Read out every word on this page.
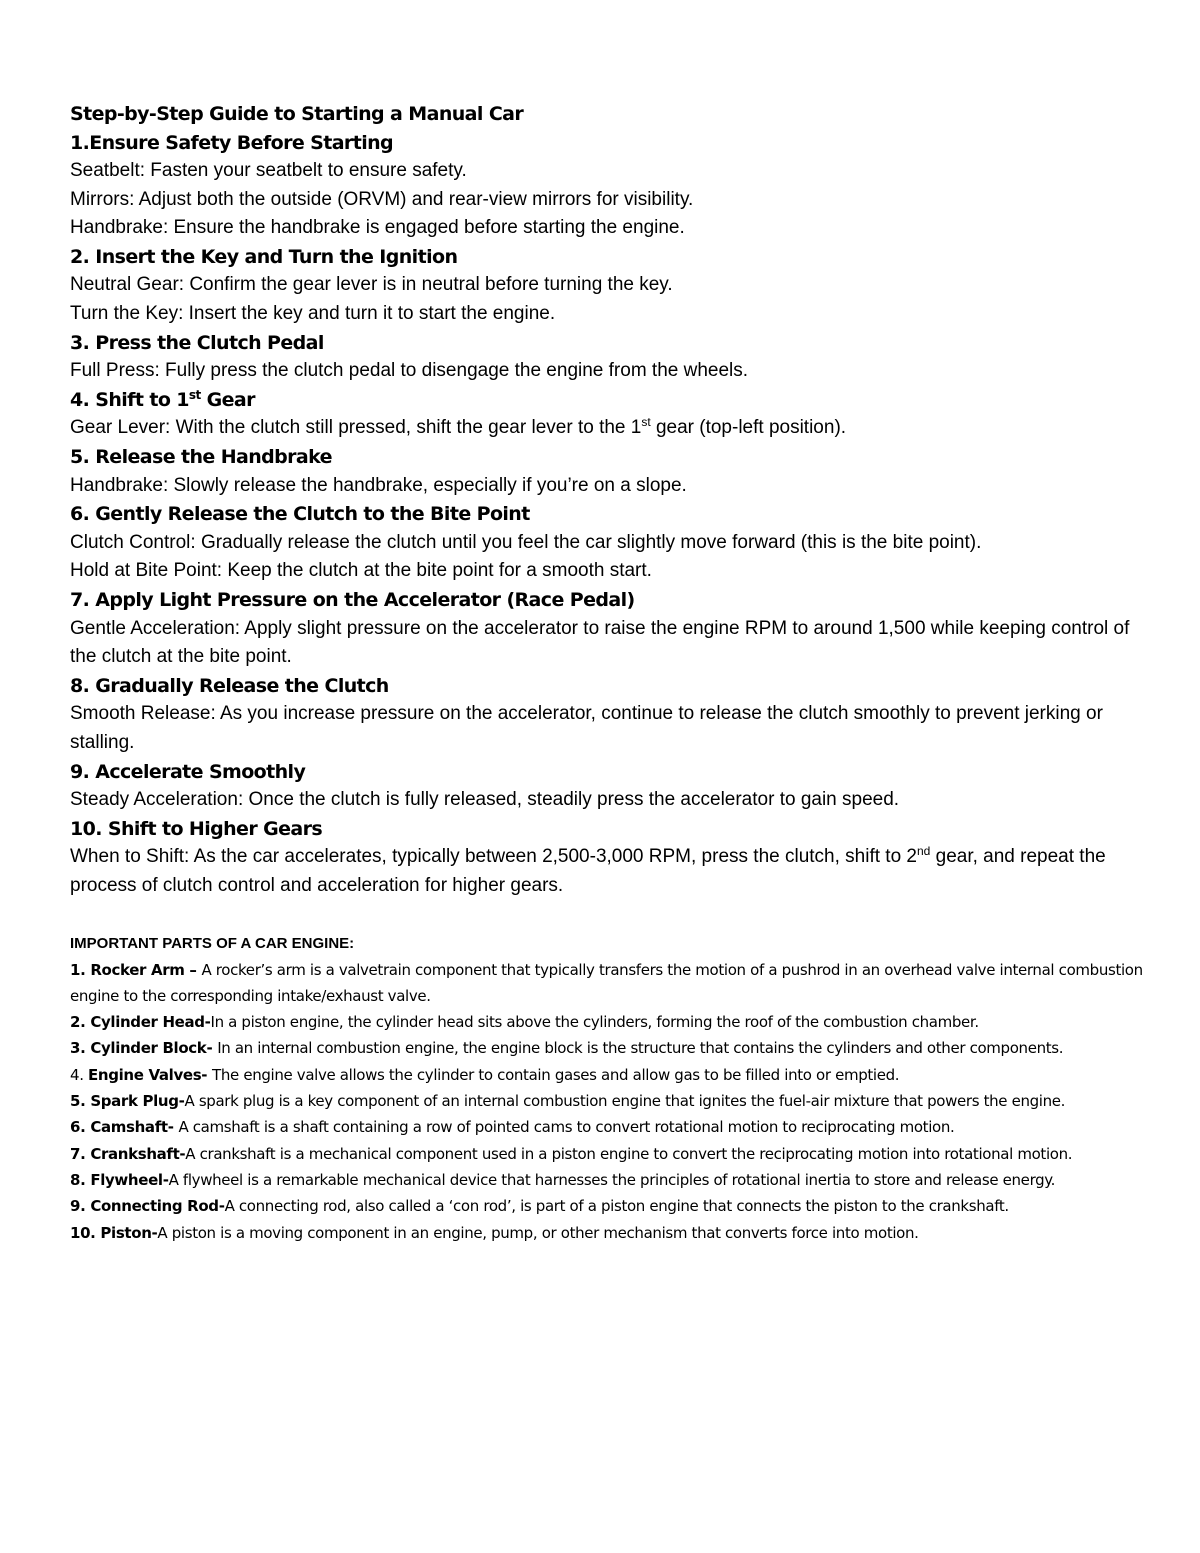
Step-by-Step Guide to Starting a Manual Car
1.Ensure Safety Before Starting

Seatbelt: Fasten your seatbelt to ensure safety.

Mirrors: Adjust both the outside (ORVM) and rear-view mirrors for visibility.

Handbrake: Ensure the handbrake is engaged before starting the engine.

2. Insert the Key and Turn the Ignition

Neutral Gear: Confirm the gear lever is in neutral before turning the key.

Turn the Key: Insert the key and turn it to start the engine.

3. Press the Clutch Pedal

Full Press: Fully press the clutch pedal to disengage the engine from the wheels.

4. Shift to 1st Gear

Gear Lever: With the clutch still pressed, shift the gear lever to the 1st gear (top-left position).

5. Release the Handbrake

Handbrake: Slowly release the handbrake, especially if you’re on a slope.

6. Gently Release the Clutch to the Bite Point

Clutch Control: Gradually release the clutch until you feel the car slightly move forward (this is the bite point).

Hold at Bite Point: Keep the clutch at the bite point for a smooth start.

7. Apply Light Pressure on the Accelerator (Race Pedal)

Gentle Acceleration: Apply slight pressure on the accelerator to raise the engine RPM to around 1,500 while keeping control of the clutch at the bite point.

8. Gradually Release the Clutch

Smooth Release: As you increase pressure on the accelerator, continue to release the clutch smoothly to prevent jerking or stalling.

9. Accelerate Smoothly

Steady Acceleration: Once the clutch is fully released, steadily press the accelerator to gain speed.

10. Shift to Higher Gears

When to Shift: As the car accelerates, typically between 2,500-3,000 RPM, press the clutch, shift to 2nd gear, and repeat the process of clutch control and acceleration for higher gears.

IMPORTANT PARTS OF A CAR ENGINE:

1. Rocker Arm – A rocker’s arm is a valvetrain component that typically transfers the motion of a pushrod in an overhead valve internal combustion engine to the corresponding intake/exhaust valve.

2. Cylinder Head-In a piston engine, the cylinder head sits above the cylinders, forming the roof of the combustion chamber.

3. Cylinder Block- In an internal combustion engine, the engine block is the structure that contains the cylinders and other components.

4. Engine Valves- The engine valve allows the cylinder to contain gases and allow gas to be filled into or emptied.

5. Spark Plug-A spark plug is a key component of an internal combustion engine that ignites the fuel-air mixture that powers the engine.

6. Camshaft- A camshaft is a shaft containing a row of pointed cams to convert rotational motion to reciprocating motion.

7. Crankshaft-A crankshaft is a mechanical component used in a piston engine to convert the reciprocating motion into rotational motion.

8. Flywheel-A flywheel is a remarkable mechanical device that harnesses the principles of rotational inertia to store and release energy.

9. Connecting Rod-A connecting rod, also called a ‘con rod’, is part of a piston engine that connects the piston to the crankshaft.

10. Piston-A piston is a moving component in an engine, pump, or other mechanism that converts force into motion.
